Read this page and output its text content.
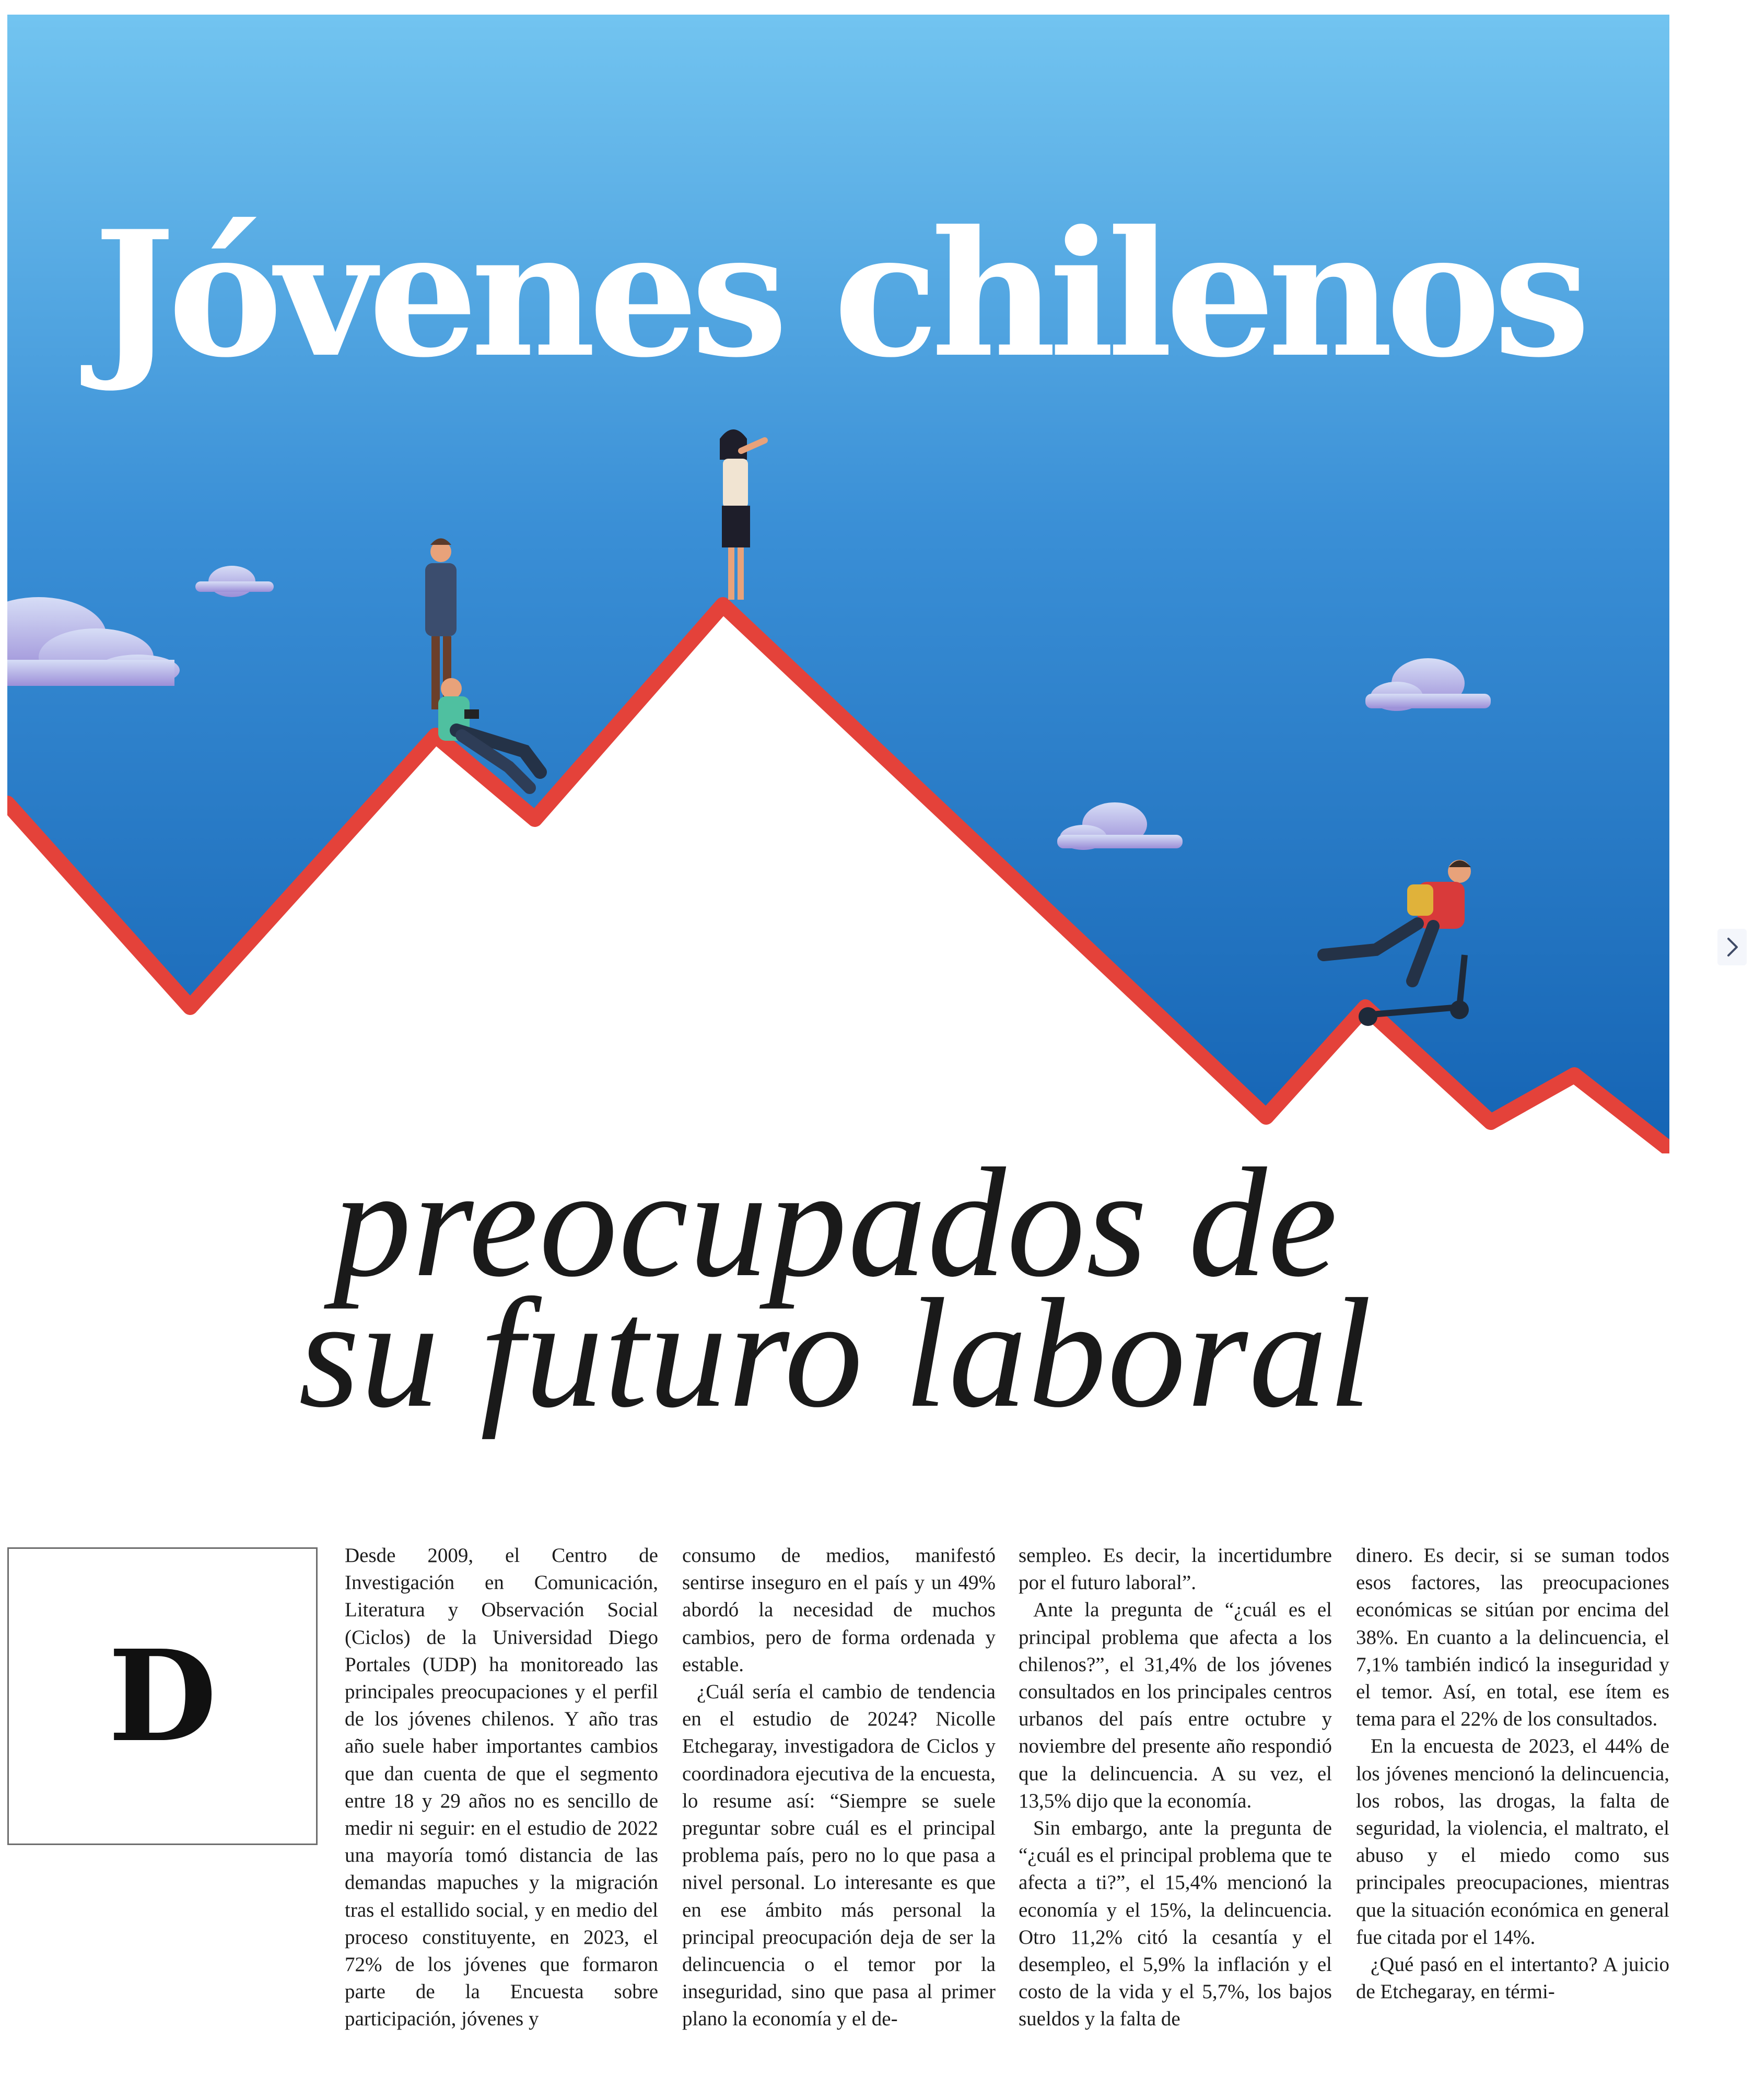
Jóvenes chilenos
preocupados de
su futuro laboral
D

Desde 2009, el Centro de Investigación en Comunicación, Literatura y Observación Social (Ciclos) de la Universidad Diego Portales (UDP) ha monitoreado las principales preocupaciones y el perfil de los jóvenes chilenos. Y año tras año suele haber importantes cambios que dan cuenta de que el segmento entre 18 y 29 años no es sencillo de medir ni seguir: en el estudio de 2022 una mayoría tomó distancia de las demandas mapuches y la migración tras el estallido social, y en medio del proceso constituyente, en 2023, el 72% de los jóvenes que formaron parte de la Encuesta sobre participación, jóvenes y

consumo de medios, manifestó sentirse inseguro en el país y un 49% abordó la necesidad de muchos cambios, pero de forma ordenada y estable.

¿Cuál sería el cambio de tendencia en el estudio de 2024? Nicolle Etchegaray, investigadora de Ciclos y coordinadora ejecutiva de la encuesta, lo resume así: “Siempre se suele preguntar sobre cuál es el principal problema país, pero no lo que pasa a nivel personal. Lo interesante es que en ese ámbito más personal la principal preocupación deja de ser la delincuencia o el temor por la inseguridad, sino que pasa al primer plano la economía y el de-

sempleo. Es decir, la incertidumbre por el futuro laboral”.

Ante la pregunta de “¿cuál es el principal problema que afecta a los chilenos?”, el 31,4% de los jóvenes consultados en los principales centros urbanos del país entre octubre y noviembre del presente año respondió que la delincuencia. A su vez, el 13,5% dijo que la economía.

Sin embargo, ante la pregunta de “¿cuál es el principal problema que te afecta a ti?”, el 15,4% mencionó la economía y el 15%, la delincuencia. Otro 11,2% citó la cesantía y el desempleo, el 5,9% la inflación y el costo de la vida y el 5,7%, los bajos sueldos y la falta de

dinero. Es decir, si se suman todos esos factores, las preocupaciones económicas se sitúan por encima del 38%. En cuanto a la delincuencia, el 7,1% también indicó la inseguridad y el temor. Así, en total, ese ítem es tema para el 22% de los consultados.

En la encuesta de 2023, el 44% de los jóvenes mencionó la delincuencia, los robos, las drogas, la falta de seguridad, la violencia, el maltrato, el abuso y el miedo como sus principales preocupaciones, mientras que la situación económica en general fue citada por el 14%.

¿Qué pasó en el intertanto? A juicio de Etchegaray, en térmi-
